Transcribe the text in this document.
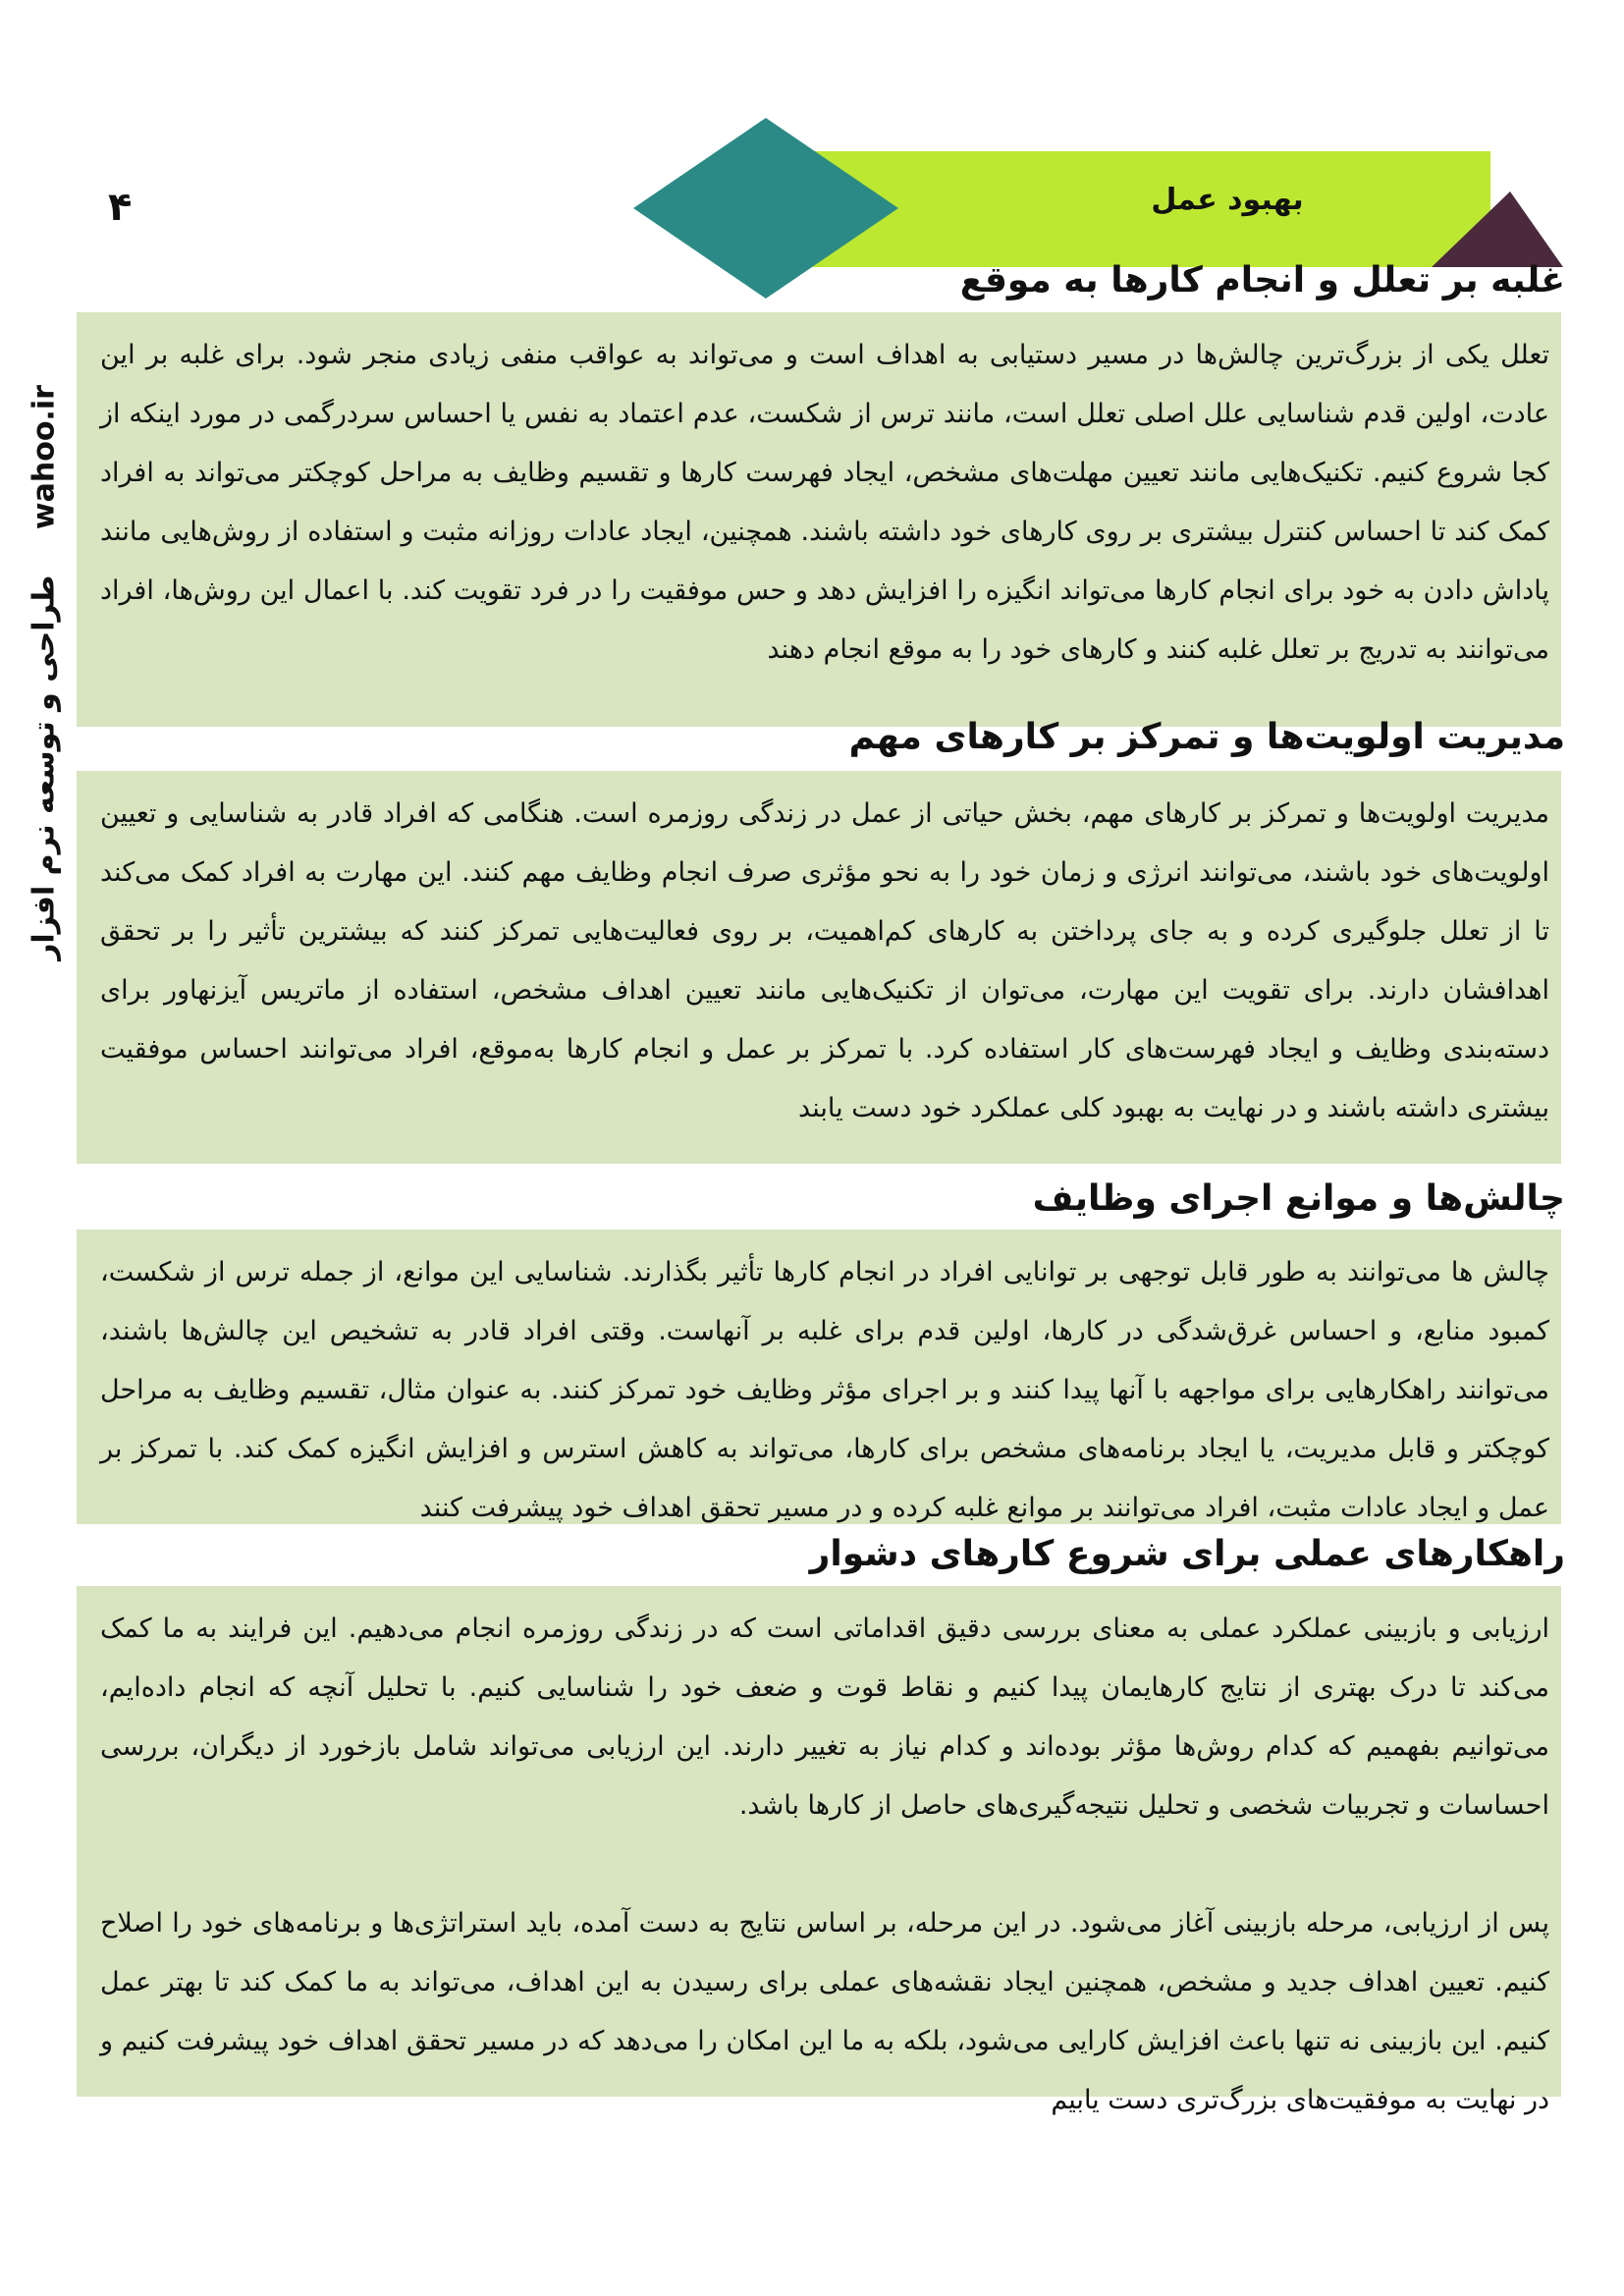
۴	بهبود عمل
wahoo.ir طراحی و توسعه نرم افزار
غلبه بر تعلل و انجام کارها به موقع

تعلل یکی از بزرگ‌ترین چالش‌ها در مسیر دستیابی به اهداف است و می‌تواند به عواقب منفی زیادی منجر شود. برای غلبه بر این عادت، اولین قدم شناسایی علل اصلی تعلل است، مانند ترس از شکست، عدم اعتماد به نفس یا احساس سردرگمی در مورد اینکه از کجا شروع کنیم. تکنیک‌هایی مانند تعیین مهلت‌های مشخص، ایجاد فهرست کارها و تقسیم وظایف به مراحل کوچکتر می‌تواند به افراد کمک کند تا احساس کنترل بیشتری بر روی کارهای خود داشته باشند. همچنین، ایجاد عادات روزانه مثبت و استفاده از روش‌هایی مانند پاداش دادن به خود برای انجام کارها می‌تواند انگیزه را افزایش دهد و حس موفقیت را در فرد تقویت کند. با اعمال این روش‌ها، افراد می‌توانند به تدریج بر تعلل غلبه کنند و کارهای خود را به موقع انجام دهند

مدیریت اولویت‌ها و تمرکز بر کارهای مهم

مدیریت اولویت‌ها و تمرکز بر کارهای مهم، بخش حیاتی از عمل در زندگی روزمره است. هنگامی که افراد قادر به شناسایی و تعیین اولویت‌های خود باشند، می‌توانند انرژی و زمان خود را به نحو مؤثری صرف انجام وظایف مهم کنند. این مهارت به افراد کمک می‌کند تا از تعلل جلوگیری کرده و به جای پرداختن به کارهای کم‌اهمیت، بر روی فعالیت‌هایی تمرکز کنند که بیشترین تأثیر را بر تحقق اهدافشان دارند. برای تقویت این مهارت، می‌توان از تکنیک‌هایی مانند تعیین اهداف مشخص، استفاده از ماتریس آیزنهاور برای دسته‌بندی وظایف و ایجاد فهرست‌های کار استفاده کرد. با تمرکز بر عمل و انجام کارها به‌موقع، افراد می‌توانند احساس موفقیت بیشتری داشته باشند و در نهایت به بهبود کلی عملکرد خود دست یابند

چالش‌ها و موانع اجرای وظایف

چالش ها می‌توانند به طور قابل توجهی بر توانایی افراد در انجام کارها تأثیر بگذارند. شناسایی این موانع، از جمله ترس از شکست، کمبود منابع، و احساس غرق‌شدگی در کارها، اولین قدم برای غلبه بر آنهاست. وقتی افراد قادر به تشخیص این چالش‌ها باشند، می‌توانند راهکارهایی برای مواجهه با آنها پیدا کنند و بر اجرای مؤثر وظایف خود تمرکز کنند. به عنوان مثال، تقسیم وظایف به مراحل کوچکتر و قابل مدیریت، یا ایجاد برنامه‌های مشخص برای کارها، می‌تواند به کاهش استرس و افزایش انگیزه کمک کند. با تمرکز بر عمل و ایجاد عادات مثبت، افراد می‌توانند بر موانع غلبه کرده و در مسیر تحقق اهداف خود پیشرفت کنند

راهکارهای عملی برای شروع کارهای دشوار

ارزیابی و بازبینی عملکرد عملی به معنای بررسی دقیق اقداماتی است که در زندگی روزمره انجام می‌دهیم. این فرایند به ما کمک می‌کند تا درک بهتری از نتایج کارهایمان پیدا کنیم و نقاط قوت و ضعف خود را شناسایی کنیم. با تحلیل آنچه که انجام داده‌ایم، می‌توانیم بفهمیم که کدام روش‌ها مؤثر بوده‌اند و کدام نیاز به تغییر دارند. این ارزیابی می‌تواند شامل بازخورد از دیگران، بررسی احساسات و تجربیات شخصی و تحلیل نتیجه‌گیری‌های حاصل از کارها باشد.

پس از ارزیابی، مرحله بازبینی آغاز می‌شود. در این مرحله، بر اساس نتایج به دست آمده، باید استراتژی‌ها و برنامه‌های خود را اصلاح کنیم. تعیین اهداف جدید و مشخص، همچنین ایجاد نقشه‌های عملی برای رسیدن به این اهداف، می‌تواند به ما کمک کند تا بهتر عمل کنیم. این بازبینی نه تنها باعث افزایش کارایی می‌شود، بلکه به ما این امکان را می‌دهد که در مسیر تحقق اهداف خود پیشرفت کنیم و در نهایت به موفقیت‌های بزرگ‌تری دست یابیم
